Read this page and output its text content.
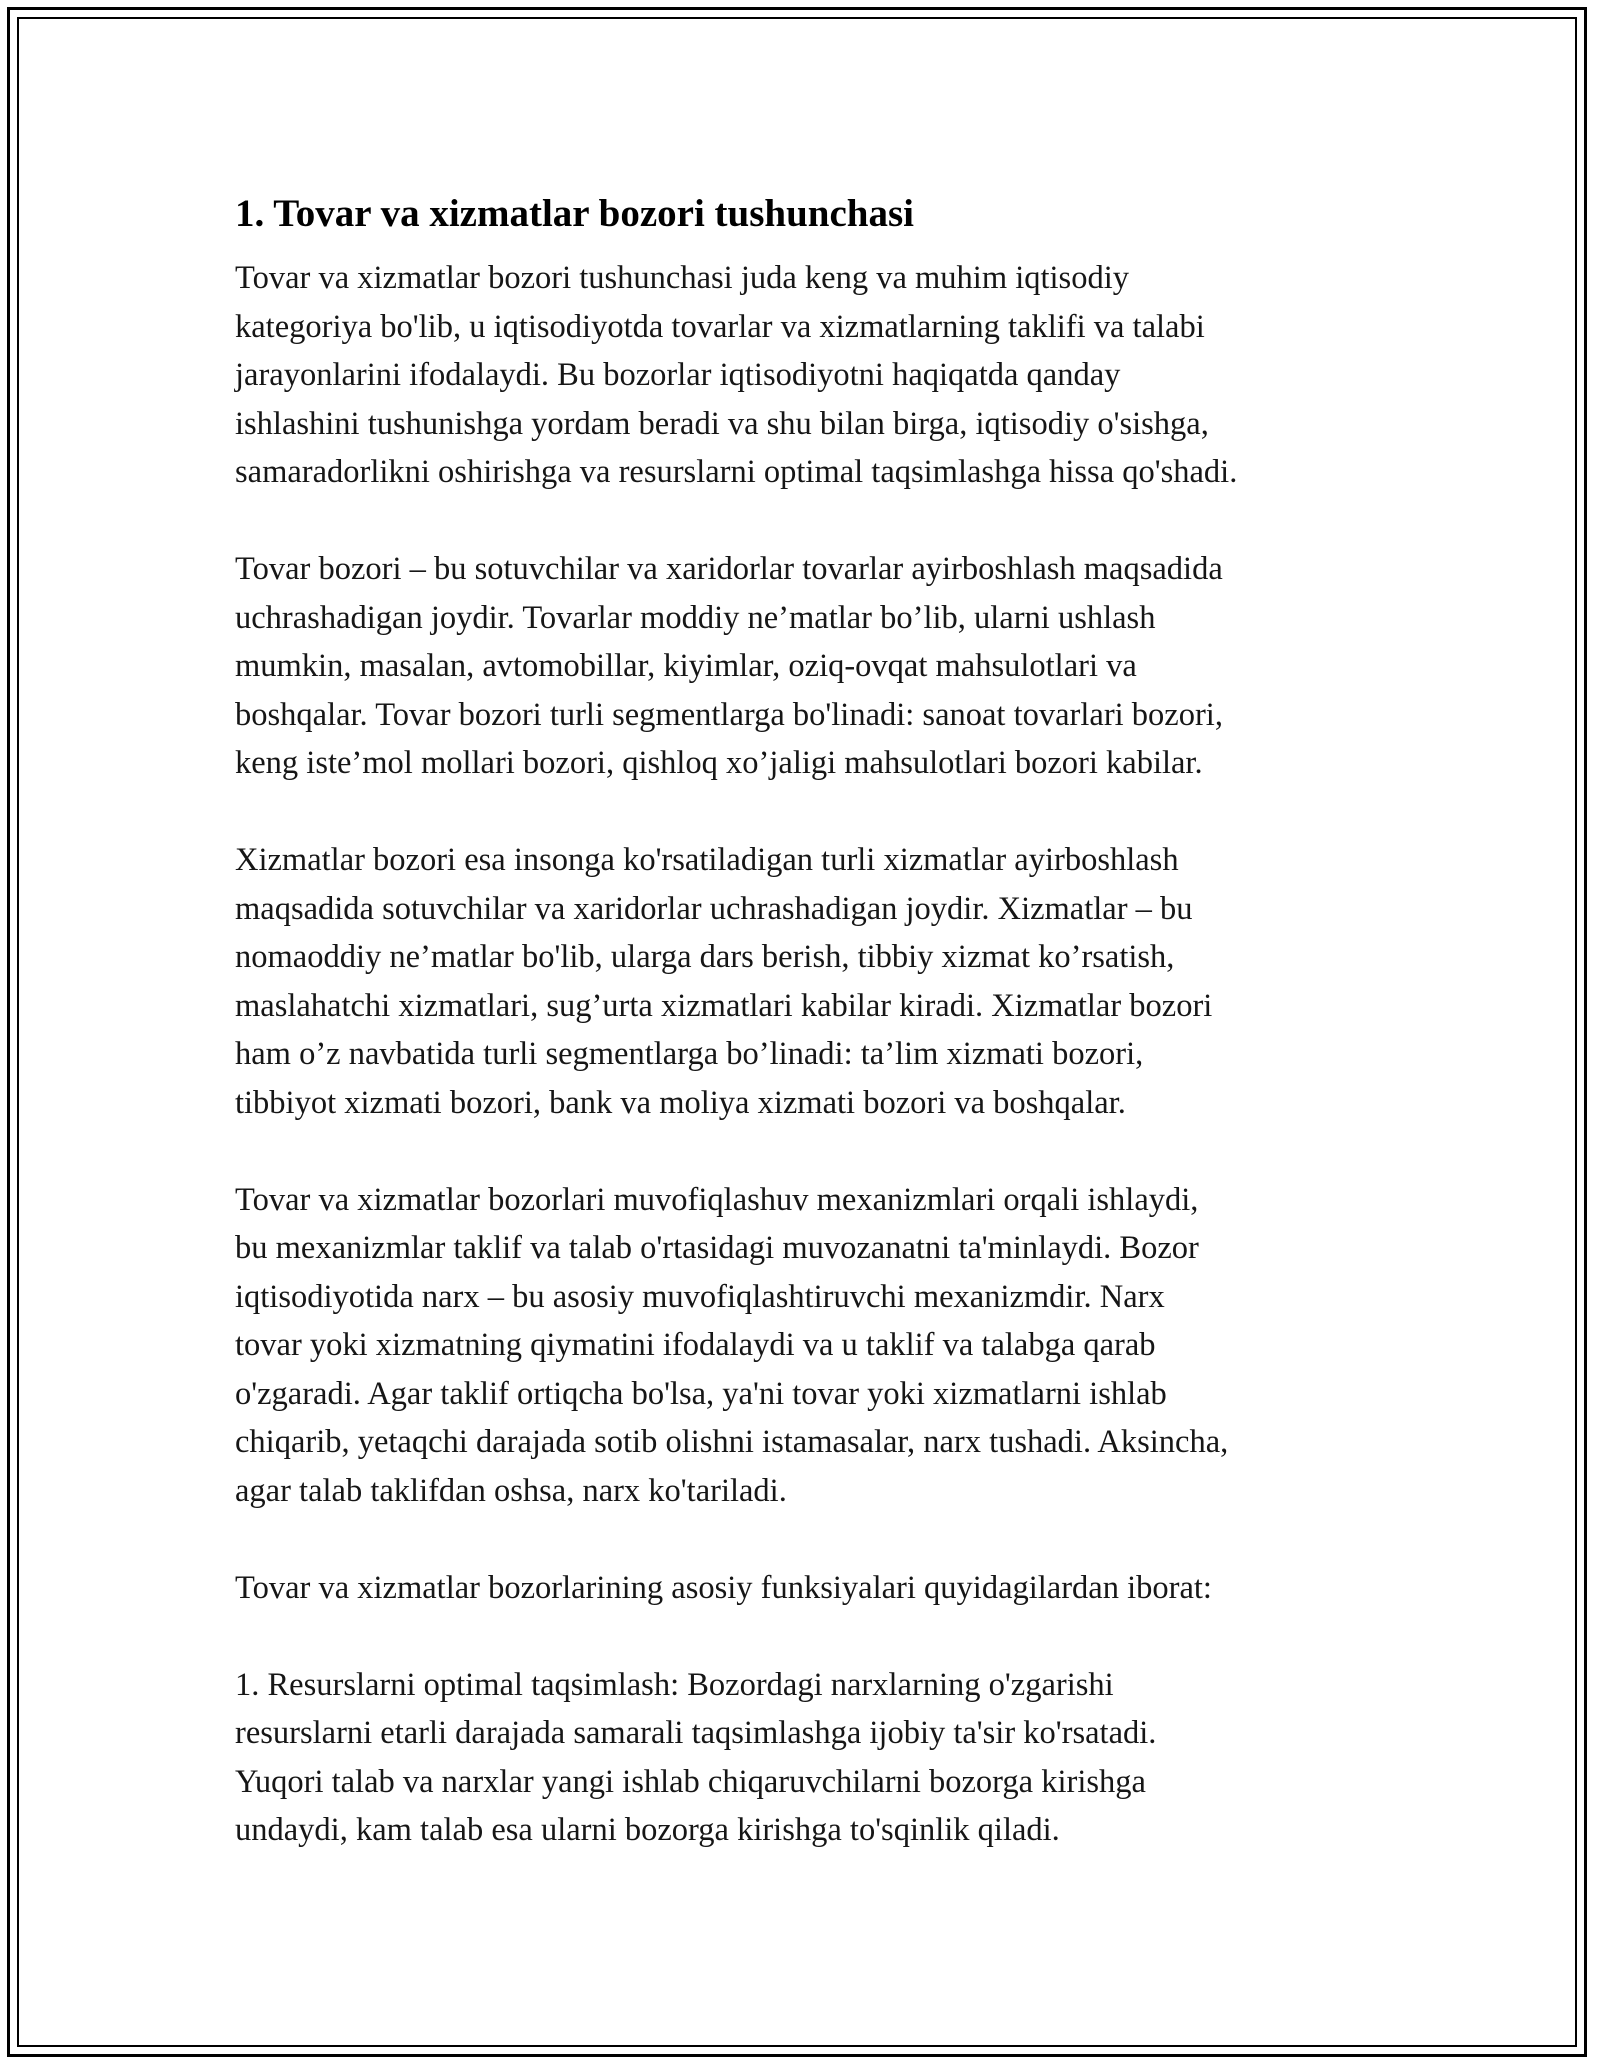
1. Tovar va xizmatlar bozori tushunchasi

Tovar va xizmatlar bozori tushunchasi juda keng va muhim iqtisodiy
kategoriya bo'lib, u iqtisodiyotda tovarlar va xizmatlarning taklifi va talabi
jarayonlarini ifodalaydi. Bu bozorlar iqtisodiyotni haqiqatda qanday
ishlashini tushunishga yordam beradi va shu bilan birga, iqtisodiy o'sishga,
samaradorlikni oshirishga va resurslarni optimal taqsimlashga hissa qo'shadi.

Tovar bozori – bu sotuvchilar va xaridorlar tovarlar ayirboshlash maqsadida
uchrashadigan joydir. Tovarlar moddiy ne’matlar bo’lib, ularni ushlash
mumkin, masalan, avtomobillar, kiyimlar, oziq-ovqat mahsulotlari va
boshqalar. Tovar bozori turli segmentlarga bo'linadi: sanoat tovarlari bozori,
keng iste’mol mollari bozori, qishloq xo’jaligi mahsulotlari bozori kabilar.

Xizmatlar bozori esa insonga ko'rsatiladigan turli xizmatlar ayirboshlash
maqsadida sotuvchilar va xaridorlar uchrashadigan joydir. Xizmatlar – bu
nomaoddiy ne’matlar bo'lib, ularga dars berish, tibbiy xizmat ko’rsatish,
maslahatchi xizmatlari, sug’urta xizmatlari kabilar kiradi. Xizmatlar bozori
ham o’z navbatida turli segmentlarga bo’linadi: ta’lim xizmati bozori,
tibbiyot xizmati bozori, bank va moliya xizmati bozori va boshqalar.

Tovar va xizmatlar bozorlari muvofiqlashuv mexanizmlari orqali ishlaydi,
bu mexanizmlar taklif va talab o'rtasidagi muvozanatni ta'minlaydi. Bozor
iqtisodiyotida narx – bu asosiy muvofiqlashtiruvchi mexanizmdir. Narx
tovar yoki xizmatning qiymatini ifodalaydi va u taklif va talabga qarab
o'zgaradi. Agar taklif ortiqcha bo'lsa, ya'ni tovar yoki xizmatlarni ishlab
chiqarib, yetaqchi darajada sotib olishni istamasalar, narx tushadi. Aksincha,
agar talab taklifdan oshsa, narx ko'tariladi.

Tovar va xizmatlar bozorlarining asosiy funksiyalari quyidagilardan iborat:

1. Resurslarni optimal taqsimlash: Bozordagi narxlarning o'zgarishi
resurslarni etarli darajada samarali taqsimlashga ijobiy ta'sir ko'rsatadi.
Yuqori talab va narxlar yangi ishlab chiqaruvchilarni bozorga kirishga
undaydi, kam talab esa ularni bozorga kirishga to'sqinlik qiladi.
